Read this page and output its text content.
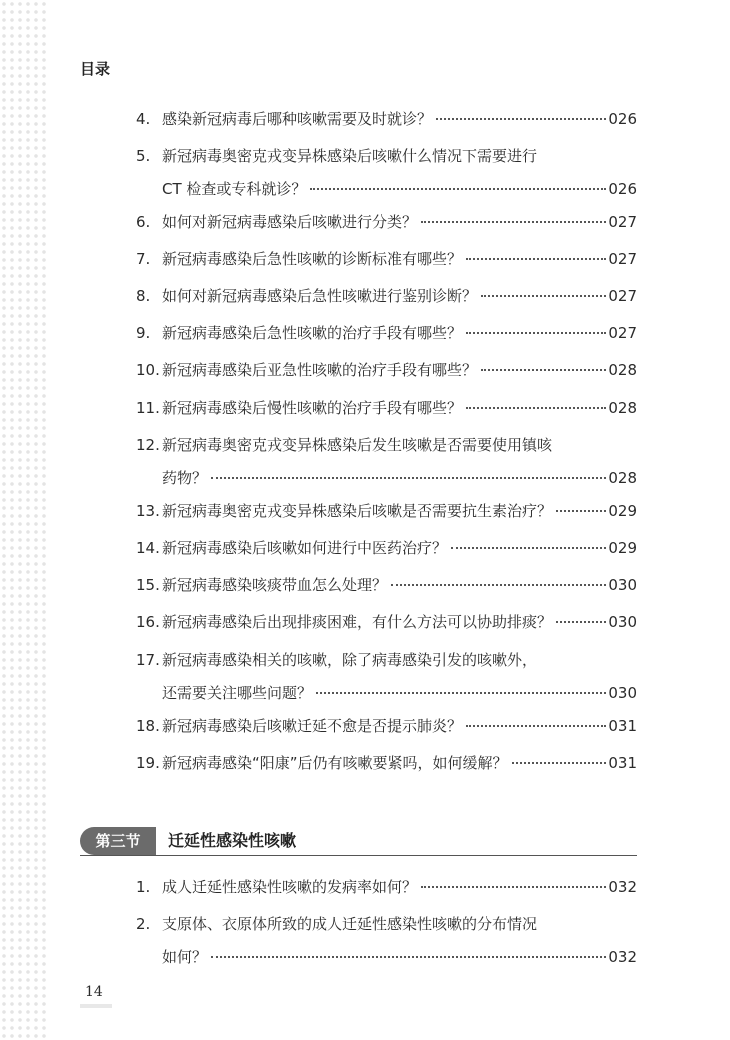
目录
4. 感染新冠病毒后哪种咳嗽需要及时就诊？	026
5. 新冠病毒奥密克戎变异株感染后咳嗽什么情况下需要进行
CT 检查或专科就诊？	026
6. 如何对新冠病毒感染后咳嗽进行分类？	027
7. 新冠病毒感染后急性咳嗽的诊断标准有哪些？	027
8. 如何对新冠病毒感染后急性咳嗽进行鉴别诊断？	027
9. 新冠病毒感染后急性咳嗽的治疗手段有哪些？	027
10. 新冠病毒感染后亚急性咳嗽的治疗手段有哪些？	028
11. 新冠病毒感染后慢性咳嗽的治疗手段有哪些？	028
12. 新冠病毒奥密克戎变异株感染后发生咳嗽是否需要使用镇咳
药物？	028
13. 新冠病毒奥密克戎变异株感染后咳嗽是否需要抗生素治疗？	029
14. 新冠病毒感染后咳嗽如何进行中医药治疗？	029
15. 新冠病毒感染咳痰带血怎么处理？	030
16. 新冠病毒感染后出现排痰困难，有什么方法可以协助排痰？	030
17. 新冠病毒感染相关的咳嗽，除了病毒感染引发的咳嗽外，
还需要关注哪些问题？	030
18. 新冠病毒感染后咳嗽迁延不愈是否提示肺炎？	031
19. 新冠病毒感染“阳康”后仍有咳嗽要紧吗，如何缓解？	031
第三节	迁延性感染性咳嗽
1. 成人迁延性感染性咳嗽的发病率如何？	032
2. 支原体、衣原体所致的成人迁延性感染性咳嗽的分布情况
如何？	032
14
